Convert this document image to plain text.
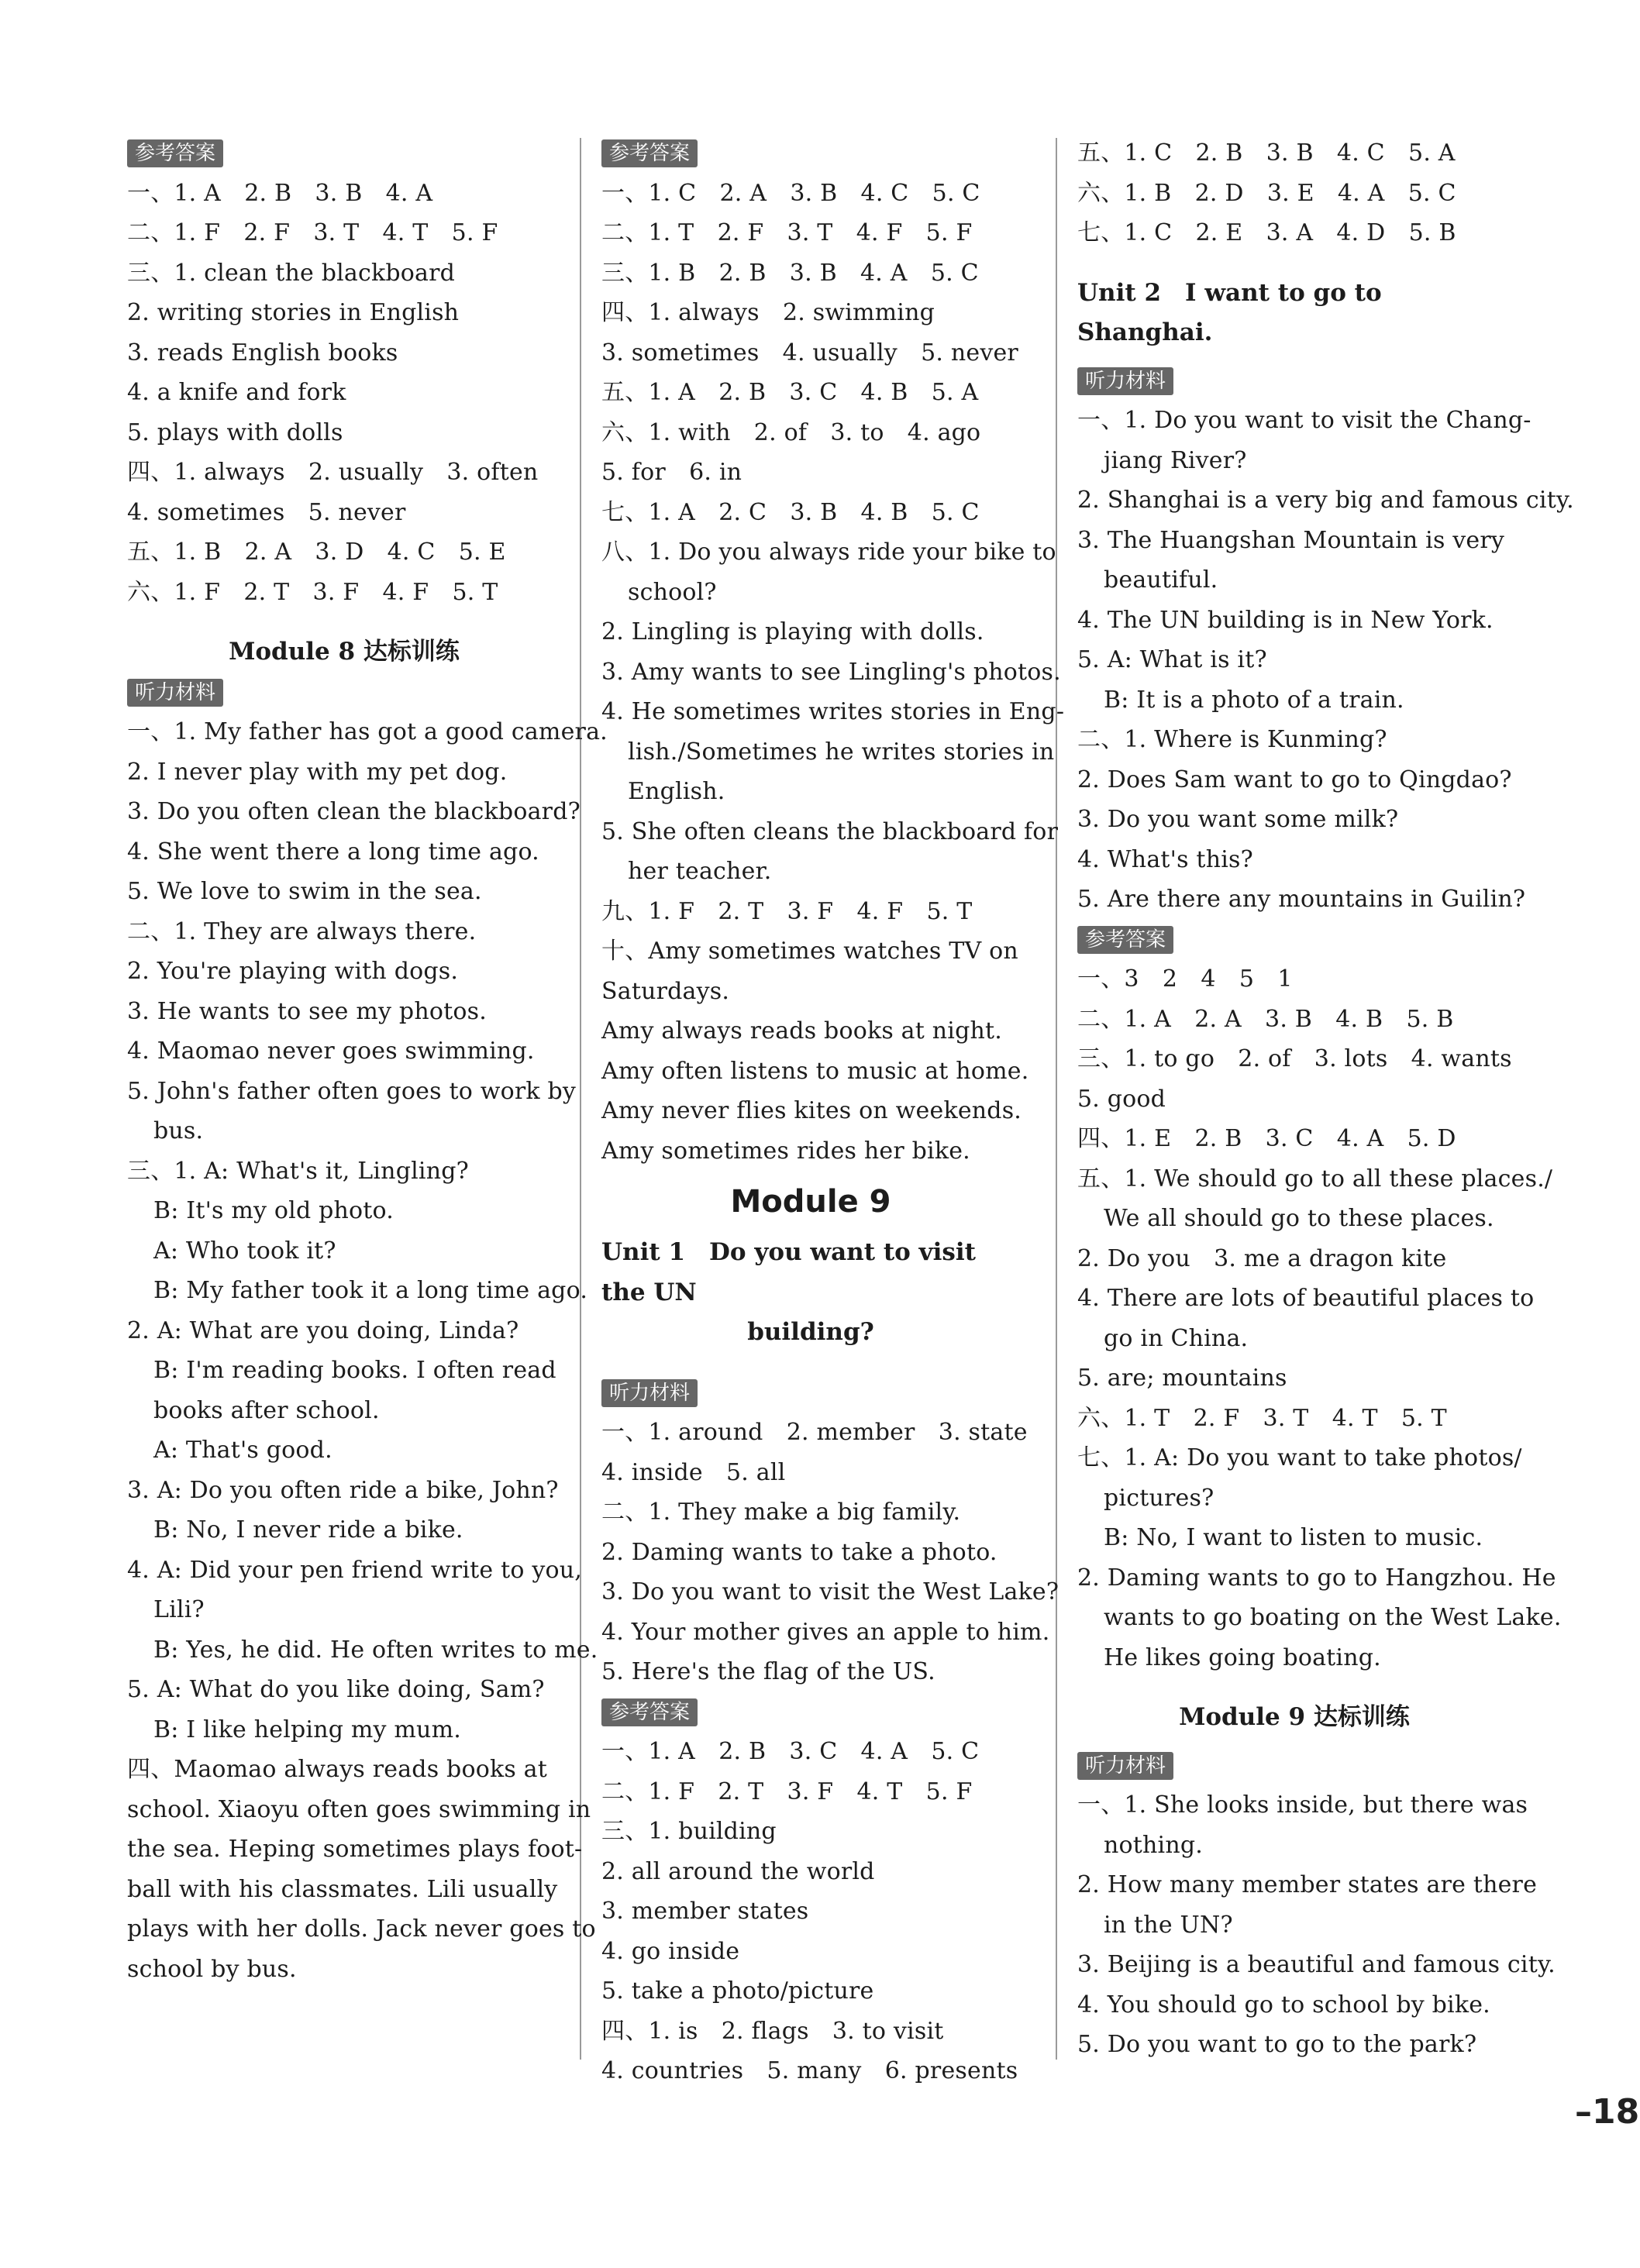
参考答案
一、1. A　2. B　3. B　4. A
二、1. F　2. F　3. T　4. T　5. F
三、1. clean the blackboard
2. writing stories in English
3. reads English books
4. a knife and fork
5. plays with dolls
四、1. always　2. usually　3. often
4. sometimes　5. never
五、1. B　2. A　3. D　4. C　5. E
六、1. F　2. T　3. F　4. F　5. T
Module 8 达标训练
听力材料
一、1. My father has got a good camera.
2. I never play with my pet dog.
3. Do you often clean the blackboard?
4. She went there a long time ago.
5. We love to swim in the sea.
二、1. They are always there.
2. You're playing with dogs.
3. He wants to see my photos.
4. Maomao never goes swimming.
5. John's father often goes to work by
bus.
三、1. A: What's it, Lingling?
B: It's my old photo.
A: Who took it?
B: My father took it a long time ago.
2. A: What are you doing, Linda?
B: I'm reading books. I often read
books after school.
A: That's good.
3. A: Do you often ride a bike, John?
B: No, I never ride a bike.
4. A: Did your pen friend write to you,
Lili?
B: Yes, he did. He often writes to me.
5. A: What do you like doing, Sam?
B: I like helping my mum.
四、Maomao always reads books at
school. Xiaoyu often goes swimming in
the sea. Heping sometimes plays foot-
ball with his classmates. Lili usually
plays with her dolls. Jack never goes to
school by bus.
参考答案
一、1. C　2. A　3. B　4. C　5. C
二、1. T　2. F　3. T　4. F　5. F
三、1. B　2. B　3. B　4. A　5. C
四、1. always　2. swimming
3. sometimes　4. usually　5. never
五、1. A　2. B　3. C　4. B　5. A
六、1. with　2. of　3. to　4. ago
5. for　6. in
七、1. A　2. C　3. B　4. B　5. C
八、1. Do you always ride your bike to
school?
2. Lingling is playing with dolls.
3. Amy wants to see Lingling's photos.
4. He sometimes writes stories in Eng-
lish./Sometimes he writes stories in
English.
5. She often cleans the blackboard for
her teacher.
九、1. F　2. T　3. F　4. F　5. T
十、Amy sometimes watches TV on
Saturdays.
Amy always reads books at night.
Amy often listens to music at home.
Amy never flies kites on weekends.
Amy sometimes rides her bike.
Module 9
Unit 1　Do you want to visit the UN
building?
听力材料
一、1. around　2. member　3. state
4. inside　5. all
二、1. They make a big family.
2. Daming wants to take a photo.
3. Do you want to visit the West Lake?
4. Your mother gives an apple to him.
5. Here's the flag of the US.
参考答案
一、1. A　2. B　3. C　4. A　5. C
二、1. F　2. T　3. F　4. T　5. F
三、1. building
2. all around the world
3. member states
4. go inside
5. take a photo/picture
四、1. is　2. flags　3. to visit
4. countries　5. many　6. presents
五、1. C　2. B　3. B　4. C　5. A
六、1. B　2. D　3. E　4. A　5. C
七、1. C　2. E　3. A　4. D　5. B
Unit 2　I want to go to Shanghai.
听力材料
一、1. Do you want to visit the Chang-
jiang River?
2. Shanghai is a very big and famous city.
3. The Huangshan Mountain is very
beautiful.
4. The UN building is in New York.
5. A: What is it?
B: It is a photo of a train.
二、1. Where is Kunming?
2. Does Sam want to go to Qingdao?
3. Do you want some milk?
4. What's this?
5. Are there any mountains in Guilin?
参考答案
一、3　2　4　5　1
二、1. A　2. A　3. B　4. B　5. B
三、1. to go　2. of　3. lots　4. wants
5. good
四、1. E　2. B　3. C　4. A　5. D
五、1. We should go to all these places./
We all should go to these places.
2. Do you　3. me a dragon kite
4. There are lots of beautiful places to
go in China.
5. are; mountains
六、1. T　2. F　3. T　4. T　5. T
七、1. A: Do you want to take photos/
pictures?
B: No, I want to listen to music.
2. Daming wants to go to Hangzhou. He
wants to go boating on the West Lake.
He likes going boating.
Module 9 达标训练
听力材料
一、1. She looks inside, but there was
nothing.
2. How many member states are there
in the UN?
3. Beijing is a beautiful and famous city.
4. You should go to school by bike.
5. Do you want to go to the park?
–18
